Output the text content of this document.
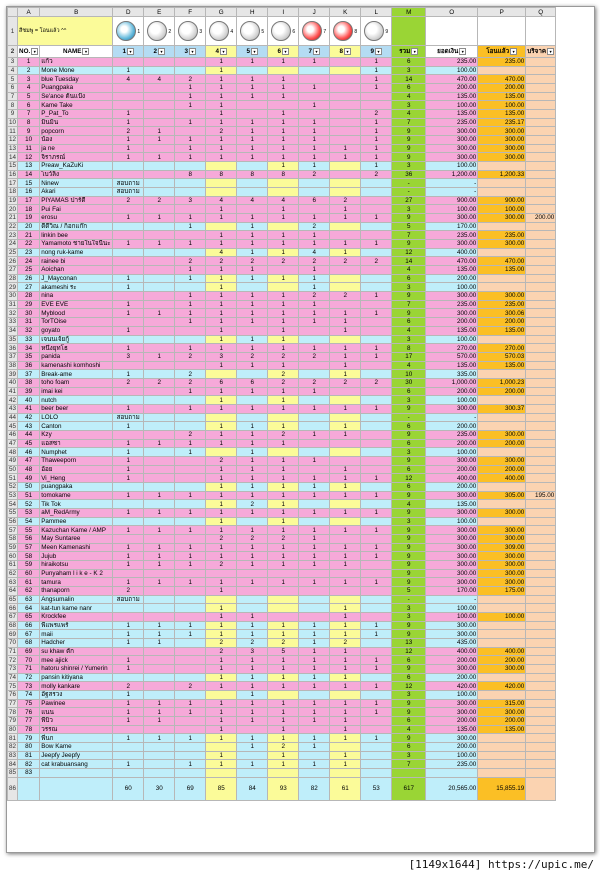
	A	B	D	E	F	G	H	I	J	K	L	M	O	P	Q
1	สีชมพู = โอนแล้ว ^^		1	2	3	4	5	6	7	8	9				
2	NO. ▾	NAME ▾	1 ▾	2 ▾	3 ▾	4 ▾	5 ▾	6 ▾	7 ▾	8 ▾	9 ▾	รวม ▾	ยอดเงิน ▾	โอนแล้ว ▾	บริจาค ▾
3	1	แก้ว				1	1	1	1		1	6	235.00	235.00	
4	2	Mone Mone	1			1					1	3	100.00		
5	3	blue Tuesday	4	4	2	1	1	1			1	14	470.00	470.00	
6	4	Puangpaka			1	1	1	1	1		1	6	200.00	200.00	
7	5	Se'ance ต้นแป้ง			1	1	1	1				4	135.00	135.00	
8	6	Kame Take			1	1			1			3	100.00	100.00	
9	7	P_Pat_To	1			1		1			2	4	135.00	135.00	
10	8	มิ่นมิน	1		1	1	1	1	1		1	7	235.00	235.17	
11	9	popcorn	2	1		2	1	1	1		1	9	300.00	300.00	
12	10	น้อง	1	1	1	1	1	1	1		1	9	300.00	300.00	
13	11	ja ne	1		1	1	1	1	1	1	1	9	300.00	300.00	
14	12	จิราภรณ์	1	1	1	1	1	1	1	1	1	9	300.00	300.00	
15	13	Preaw_KaZuKi						1	1		1	3	100.00		
16	14	โบว์ลิ่ง			8	8	8	8	2		2	36	1,200.00	1,200.33	
17	15	Ninew	สอบถาม									-	-		
18	16	Akari	สอบถาม									-	-		
19	17	PIYAMAS ปาร์ตี้	2	2	3	4	4	4	6	2		27	900.00	900.00	
20	18	Pui Fai				1		1		1		3	100.00	100.00	
21	19	erosu	1	1	1	1	1	1	1	1	1	9	300.00	300.00	200.00
22	20	ดีดีวิณ / ก็อกแก๊ก			1		1		2			5	170.00		
23	21	linkin bee				1	1	1	1			7	235.00	235.00	
24	22	Yamamoto ชายในใจนี่นะ	1	1	1	1	1	1	1	1	1	9	300.00	300.00	
25	23	nong ruk-kame				4	1	1	4	1		12	400.00		
26	24	rainee bi			2	2	2	2	2	2	2	14	470.00	470.00	
27	25	Aoichan			1	1	1		1			4	135.00	135.00	
28	26	J_Mayconan	1		1	1	1	1	1			6	200.00		
29	27	akameshi ระ	1			1			1			3	100.00		
30	28	nina			1	1	1	1	2	2	1	9	300.00	300.00	
31	29	EVE EVE	1		1	1	1	1	1			7	235.00	235.00	
32	30	Myblood	1	1	1	1	1	1	1	1	1	9	300.00	300.06	
33	31	TorTOise			1	1	1	1	1	1		6	200.00	200.00	
34	32	goyato	1			1		1		1		4	135.00	135.00	
35	33	เจนนเจ้ยกู้				1	1	1				3	100.00		
36	34	หนึ่งยุทโธ	1		1	1	1	1	1	1	1	8	270.00	270.00	
37	35	panida	3	1	2	3	2	2	2	1	1	17	570.00	570.03	
38	36	kamenashi komhoshi				1	1	1		1		4	135.00	135.00	
39	37	Break-ame	1		2			2		1		10	335.00		
40	38	toho foam	2	2	2	6	6	2	2	2	2	30	1,000.00	1,000.23	
41	39	imai kei			1	1	1	1	1			6	200.00	200.00	
42	40	nutch				1		1				3	100.00		
43	41	beer beer	1		1	1	1	1	1	1	1	9	300.00	300.37	
44	42	LOLO	สอบถาม									-	-		
45	43	Canton	1			1	1	1		1		6	200.00		
46	44	Kzy			2	1	1	2	1	1		9	235.00	300.00	
47	45	แอสซา	1	1	1	1	1	1				6	200.00	200.00	
48	46	Numphet	1		1		1					3	100.00		
49	47	Thaweeporn	1			2	1	1	1			9	300.00	300.00	
50	48	อ้อย	1			1	1	1		1		6	200.00	200.00	
51	49	Vi_Heng	1			1	1	1	1	1	1	12	400.00	400.00	
52	50	puangpaka				1	1	1	1	1		6	200.00		
53	51	tomokame	1	1	1	1	1	1	1	1	1	9	300.00	305.00	195.00
54	52	Tik Tok				1	2	1				4	135.00		
55	53	aM_RedArmy	1	1	1	1	1	1	1	1	1	9	300.00	300.00	
56	54	Pammee				1		1				3	100.00		
57	55	Kazuchan Kame / AMP	1	1	1	1	1	1	1	1	1	9	300.00	300.00	
58	56	May Suntaree				2	2	2	1			9	300.00	300.00	
59	57	Meen Kamenashi	1	1	1	1	1	1	1	1	1	9	300.00	309.00	
60	58	Jujub	1	1	1	1	1	1	1	1	1	9	300.00	300.00	
61	59	hiraikotsu	1	1	1	2	1	1	1	1		9	300.00	300.00	
62	60	Punyaham l i k e - K 2										9	300.00	300.00	
63	61	tamura	1	1	1	1	1	1	1	1	1	9	300.00	300.00	
64	62	thanaporn	2			1						5	170.00	175.00	
65	63	Angsumalin	สอบถาม									-	-		
66	64	kat-tun kame nanr				1				1		3	100.00		
67	65	Krockfee				1	1			1		3	100.00	100.00	
68	66	พี่แพรแพร์	1	1	1	1	1	1	1	1	1	9	300.00		
69	67	maii	1	1	1	1	1	1	1	1	1	9	300.00		
70	68	Hadcher	1	1		2	2	2	1	2		13	435.00		
71	69	su khaw ตั๊ก				2	3	5	1	1		12	400.00	400.00	
72	70	mee ajick	1			1	1	1	1	1	1	6	200.00	200.00	
73	71	hatoru shinrei / Yumerin	1			1	1	1	1	1	1	9	300.00	300.00	
74	72	pansin kitiyana				1	1	1	1	1		6	200.00		
75	73	molly kankare	2		2	1	1	1	1	1	1	12	420.00	420.00	
76	74	อัฐสรวง	1				1					3	100.00		
77	75	Pawinee	1	1	1	1	1	1	1	1	1	9	300.00	315.00	
78	76	แนน	1	1	1	1	1	1	1	1	1	9	300.00	300.00	
79	77	พี่บิว	1	1		1	1	1	1	1		6	200.00	200.00	
80	78	วรรณ				1		1		1		4	135.00	135.00	
81	79	พี่นก	1	1	1	1	1	1	1	1	1	9	300.00		
82	80	Bow Kame					1	2	1			6	200.00		
83	81	Jeepfy Jeepfy				1		1		1		3	100.00		
84	82	cat krabuansang	1		1	1	1	1	1	1		7	235.00		
85	83														
86			60	30	69	85	84	93	82	61	53	617	20,565.00	15,855.19	
[1149x1644] https://upic.me/
